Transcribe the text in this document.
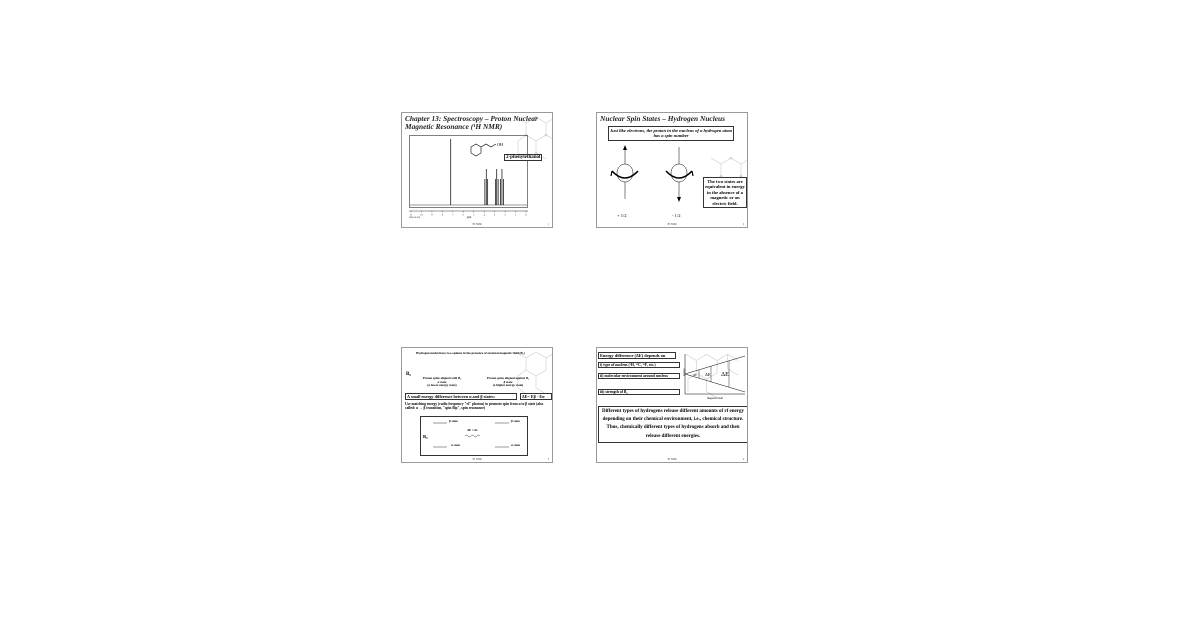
Chapter 13: Spectroscopy – Proton Nuclear Magnetic Resonance (¹H NMR)
11	10	9	8	7	6	5	4	3	2	1	0
ppm
HSP-00-308
OH
2-phenylethanol
¹H NMR	1
Nuclear Spin States – Hydrogen Nucleus
Just like electrons, the proton in the nucleus of a hydrogen atom has a spin number
+ 1/2	- 1/2
The two states are equivalent in energy in the absence of a magnetic or an electric field.
¹H NMR	2
Hydrogen nuclei have two options in the presence of external magnetic field (B₀)
B₀
Proton spins aligned with B₀
α state
(a lower energy state)
Proton spins aligned against B₀
β state
(a higher energy state)
A small energy difference between α and β states:	ΔE= Eβ - Eα
Use matching energy (radio frequency "rf" photon) to promote spin from α to β state (also called: α → β transition, "spin flip", spin resonance)
β state	β state
α state	α state
ΔE = hν
B₀
¹H NMR	3
Energy difference (ΔE) depends on
i) type of nucleus (¹H, ¹³C, ¹⁹F, etc.)
ii) molecular environment around nucleus
iii) strength of B₀
Energy
Magnetic Field
ΔE ΔE ΔE
Different types of hydrogens release different amounts of rf energy depending on their chemical environment, i.e., chemical structure. Thus, chemically different types of hydrogens absorb and then release different energies.
¹H NMR	4
